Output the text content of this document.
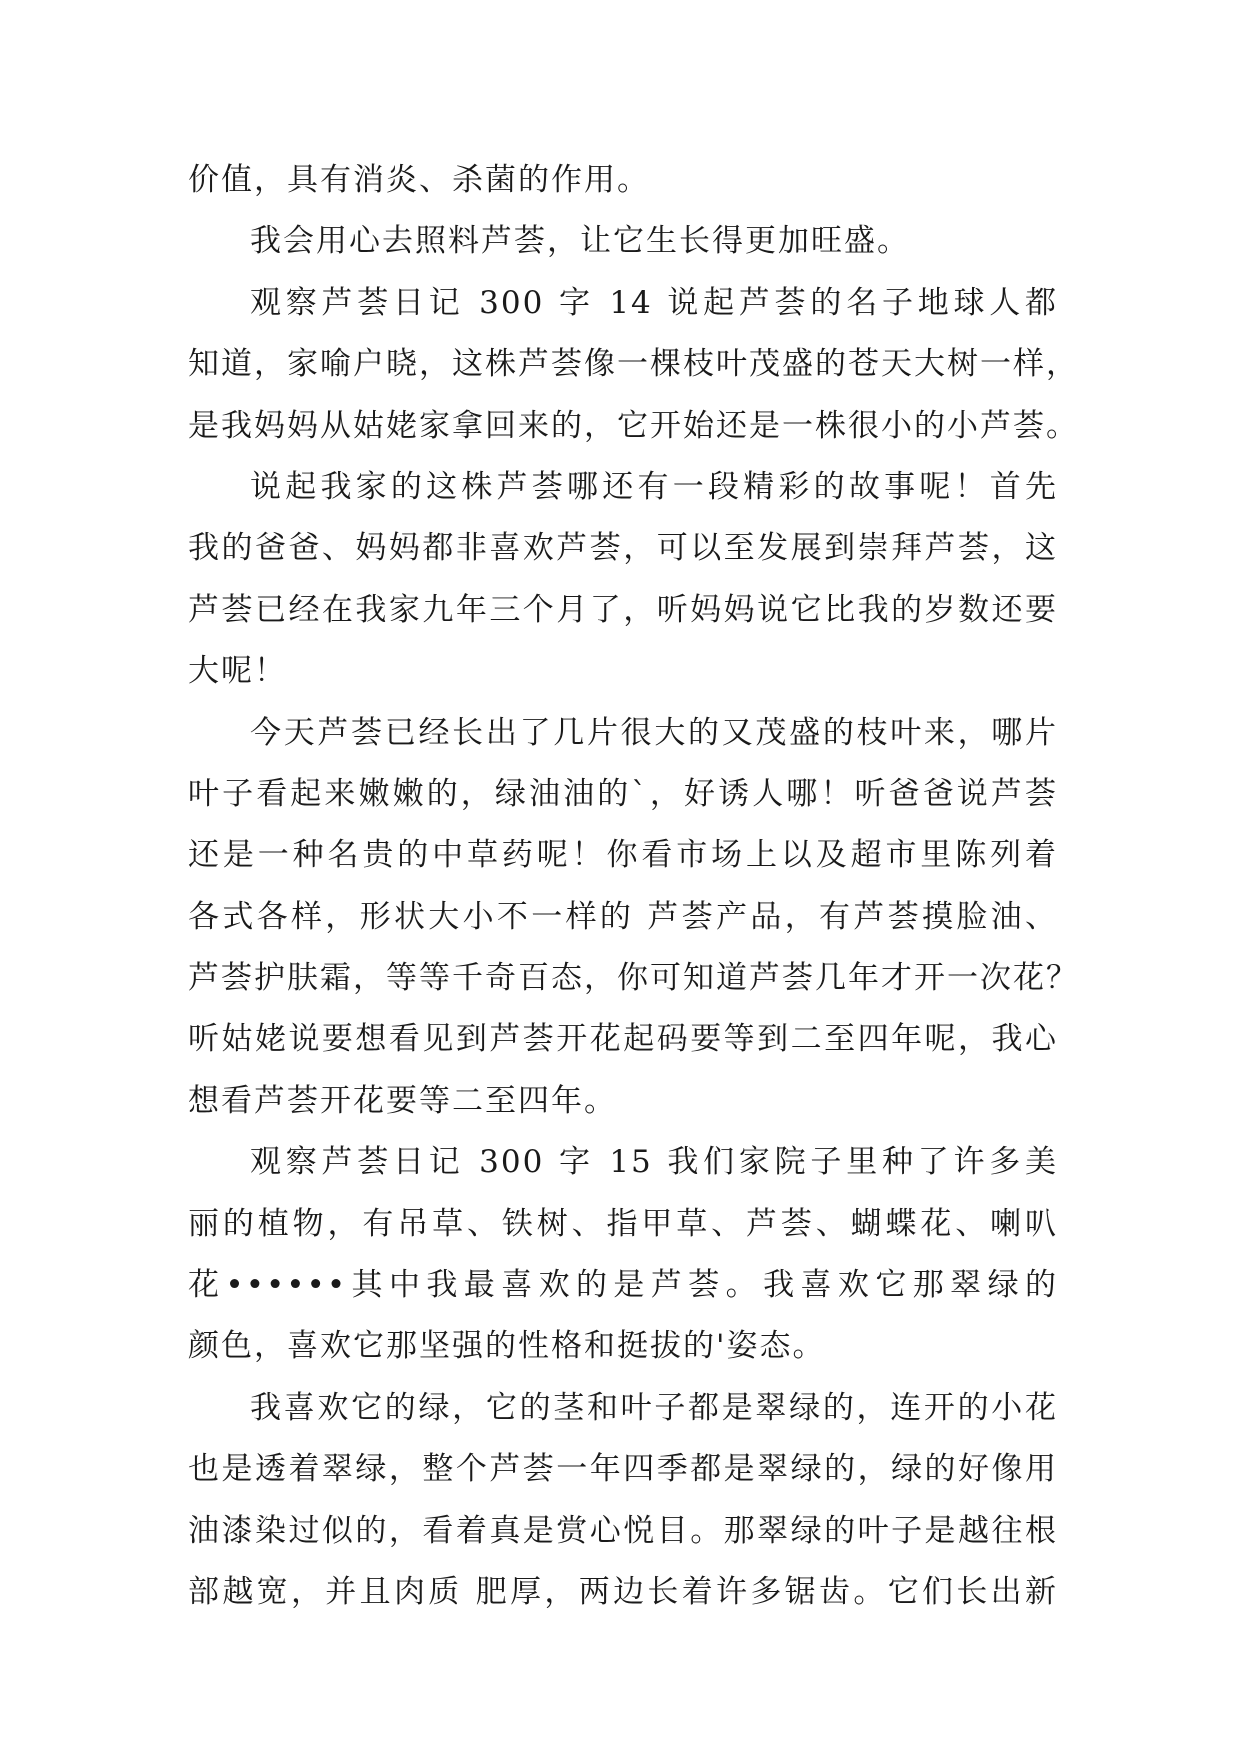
价值，具有消炎、杀菌的作用。
我会用心去照料芦荟，让它生长得更加旺盛。
观察芦荟日记 300 字 14 说起芦荟的名子地球人都
知道，家喻户晓，这株芦荟像一棵枝叶茂盛的苍天大树一样，
是我妈妈从姑姥家拿回来的，它开始还是一株很小的小芦荟。
说起我家的这株芦荟哪还有一段精彩的故事呢！首先
我的爸爸、妈妈都非喜欢芦荟，可以至发展到崇拜芦荟，这
芦荟已经在我家九年三个月了，听妈妈说它比我的岁数还要
大呢！
今天芦荟已经长出了几片很大的又茂盛的枝叶来，哪片
叶子看起来嫩嫩的，绿油油的`，好诱人哪！听爸爸说芦荟
还是一种名贵的中草药呢！你看市场上以及超市里陈列着
各式各样，形状大小不一样的 芦荟产品，有芦荟摸脸油、
芦荟护肤霜，等等千奇百态，你可知道芦荟几年才开一次花？
听姑姥说要想看见到芦荟开花起码要等到二至四年呢，我心
想看芦荟开花要等二至四年。
观察芦荟日记 300 字 15 我们家院子里种了许多美
丽的植物，有吊草、铁树、指甲草、芦荟、蝴蝶花、喇叭
花••••••其中我最喜欢的是芦荟。我喜欢它那翠绿的
颜色，喜欢它那坚强的性格和挺拔的'姿态。
我喜欢它的绿，它的茎和叶子都是翠绿的，连开的小花
也是透着翠绿，整个芦荟一年四季都是翠绿的，绿的好像用
油漆染过似的，看着真是赏心悦目。那翠绿的叶子是越往根
部越宽，并且肉质 肥厚，两边长着许多锯齿。它们长出新
